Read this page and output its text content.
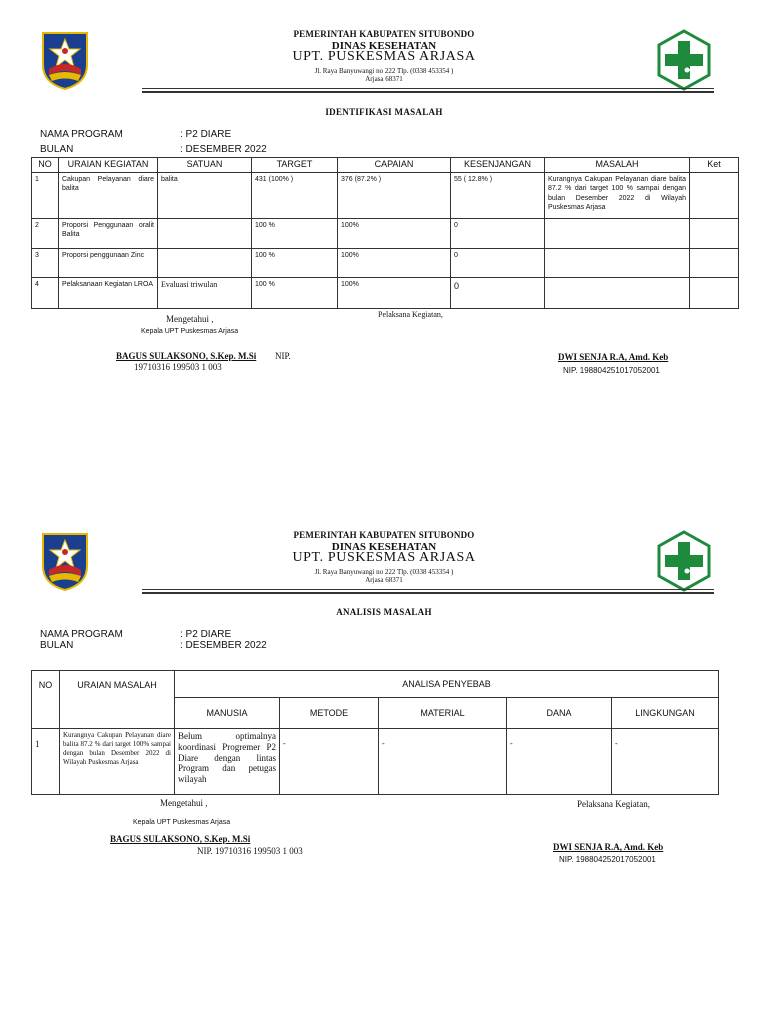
PEMERINTAH KABUPATEN SITUBONDO
DINAS KESEHATAN
UPT. PUSKESMAS ARJASA
Jl. Raya Banyuwangi no 222 Tlp. (0338 453354 )
Arjasa 68371
IDENTIFIKASI MASALAH
NAMA PROGRAM	: P2 DIARE
BULAN	: DESEMBER 2022
NO	URAIAN KEGIATAN	SATUAN	TARGET	CAPAIAN	KESENJANGAN	MASALAH	Ket
1	Cakupan Pelayanan diare balita	balita	431 (100% )	376 (87.2% )	55 ( 12.8% )	Kurangnya Cakupan Pelayanan diare balita 87.2 % dari target 100 % sampai dengan bulan Desember 2022 di Wilayah Puskesmas Arjasa	
2	Proporsi Penggunaan oralit Balita		100 %	100%	0		
3	Proporsi penggunaan Zinc		100 %	100%	0		
4	Pelaksanaan Kegiatan LROA	Evaluasi triwulan	100 %	100%	0		
Mengetahui ,	Pelaksana Kegiatan,
Kepala UPT Puskesmas Arjasa
BAGUS SULAKSONO, S.Kep. M.Si NIP.
19710316 199503 1 003
DWI SENJA R.A, Amd. Keb
NIP. 198804251017052001
PEMERINTAH KABUPATEN SITUBONDO
DINAS KESEHATAN
UPT. PUSKESMAS ARJASA
Jl. Raya Banyuwangi no 222 Tlp. (0338 453354 )
Arjasa 68371
ANALISIS MASALAH
NAMA PROGRAM	: P2 DIARE
BULAN	: DESEMBER 2022
NO	URAIAN MASALAH	ANALISA PENYEBAB				
		MANUSIA	METODE	MATERIAL	DANA	LINGKUNGAN
1	Kurangnya Cakupan Pelayanan diare balita 87.2 % dari target 100% sampai dengan bulan Desember 2022 di Wilayah Puskesmas Arjasa	Belum optimalnya koordinasi Progremer P2 Diare dengan lintas Program dan petugas wilayah	-	-	-	-
Mengetahui ,	Pelaksana Kegiatan,
Kepala UPT Puskesmas Arjasa
BAGUS SULAKSONO, S.Kep. M.Si
NIP. 19710316 199503 1 003	DWI SENJA R.A, Amd. Keb
NIP. 198804252017052001
